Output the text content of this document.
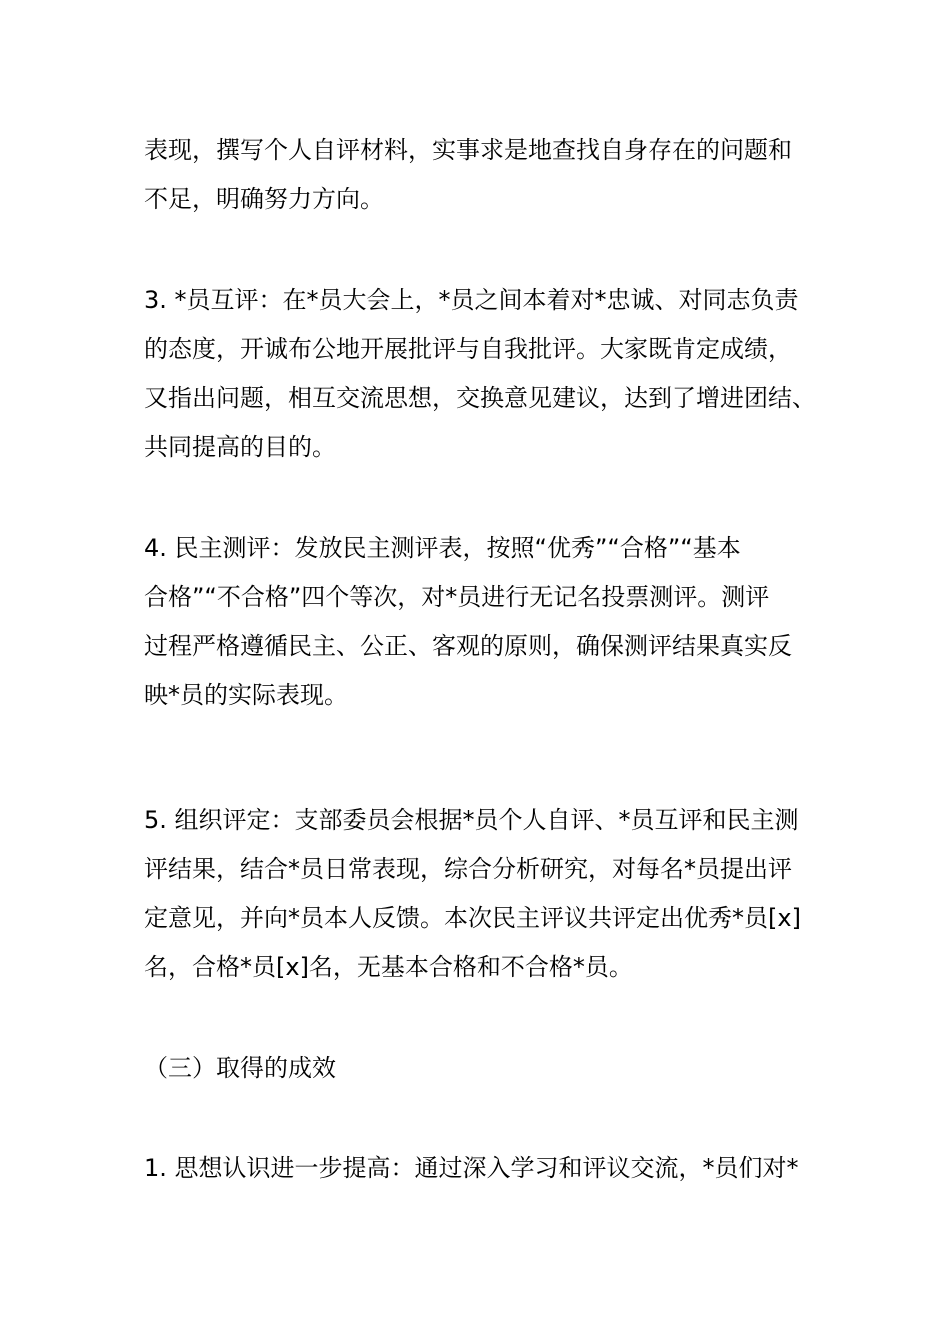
表现，撰写个人自评材料，实事求是地查找自身存在的问题和
不足，明确努力方向。
3. *员互评：在*员大会上，*员之间本着对*忠诚、对同志负责
的态度，开诚布公地开展批评与自我批评。大家既肯定成绩，
又指出问题，相互交流思想，交换意见建议，达到了增进团结、
共同提高的目的。
4. 民主测评：发放民主测评表，按照“优秀”“合格”“基本
合格”“不合格”四个等次，对*员进行无记名投票测评。测评
过程严格遵循民主、公正、客观的原则，确保测评结果真实反
映*员的实际表现。
5. 组织评定：支部委员会根据*员个人自评、*员互评和民主测
评结果，结合*员日常表现，综合分析研究，对每名*员提出评
定意见，并向*员本人反馈。本次民主评议共评定出优秀*员[x]
名，合格*员[x]名，无基本合格和不合格*员。
（三）取得的成效
1. 思想认识进一步提高：通过深入学习和评议交流，*员们对*
